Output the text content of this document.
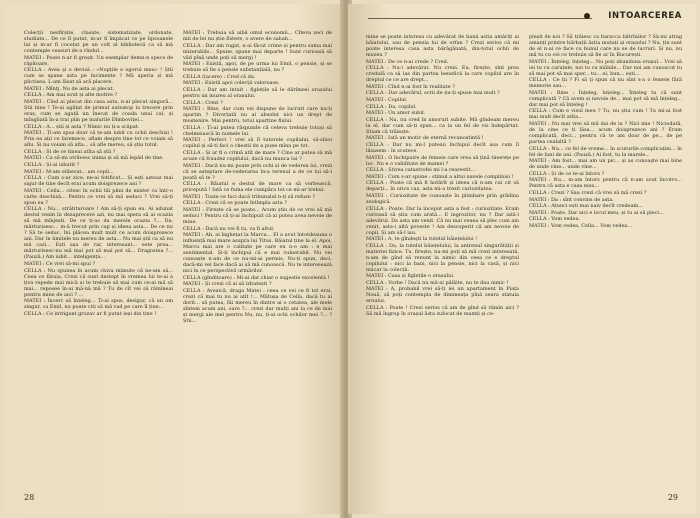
Colecții nesfîrșite, clasate, sistematizate, ordonate, studiate... De ce îl putut, m-ar fi împăcat ce pe lipsoanele lui și m-ar fi cocoțat pe un colț al bibliotecii ca să mă contemple ceasuri de-a rîndul...

MATEI : Poate n-ar fi greșit. Un exemplar demn-n spece de râpitoare.

CELLA : Avea și o devisă : «Nopțile e ogorul meu» ! Știi cum se spune asta pe facimente ? Mă aperia și mă plictisea. L-am lăsat să ară placere.

MATEI : Mîntj. Nu de asta ai plecat.

CELLA : Am mai avut și alte motive ?

MATEI : Cînd ai plecat din casa asta, n-ai plecat singură... Știi bine ! Te-ai agățat de primul autostop la trecere prin oraș, cum se agață un înecat de coada unui cal, și mîngîiată în-a trai plin pe malurile Dîmboviței...

CELLA : A... știi și asta ? Nimic nu ți-a scăpat.

MATEI : Ți-am spus doar că te-am iubit cu ochii deschiși ! Prin ea ații ce faremece, aflam despre tine tot ce voiam să aflu. Și nu voiam să afla... să afle mereu, să știu totul.

CELLA : Și de ce tineai atîta să știi ?

MATEI : Ca să-mi otrăvesc inima și să mă lepăd de tine.

CELLA : Și-ai izbutit ?

MATEI : M-am eliberat... am copil...

CELLA : Cum s-ar zice, ne-ai fotificat... Și ești așteaz mai sigur de tine decît erai acum doisprezece ani ?

MATEI : Cella... citesc în ochii tăi plini de mister ca într-o carte deschisă... Pentru ce vrei să mă seduci ? Vrei să-ți spun eu ?

CELLA : Nu... strătituroare ! Am să-ți spun eu. Ai adunat destul venin în dezaprecere azi, nu mai spera să ai ocazia să mă mînjești. De ce ți-as da merele ocazia ?... Da, mărturisesc... m-ă trecut prin cap și ideea asta... De ce nu ? Să te seduc. Ini plăcea mult mult ce acum doisprezece ani. Dar în limitele nu mereu de asta... Nu mai știi ca să nu mă cazi... Ești așa de rar, interesant... este prea... mărturisesc-nu mă mai pot să mai pot să... Dragostea ?... (Pauză.) Am iubit... inteligența...

MATEI : Ce vrei să-mi spui ?

CELLA : Nu spunea în acum chiva mimute că ne-am să... Ceea ce fătuia, Crezi că sunt destept în vremea lui te-ai a țiva repede mai mică și te trebuie să mai cum ce-ai mă să mai... reposee în-ai mă-nă mă ? Tu de cît vei să rămîneai pentru mine de aici ? ...

MATEI : Încerc să înțeleg... Ți-ai spus, desigur, că un om singur, ca Emil, nu poate citi să mă vad pe care îl ține...

CELLA : Ce intrigant grozav ar fi putut ieși din tine !

MATEI : Trebuia să aibă omul economii... Cîteva zeci de mii de lei nu știe fîstere, o avere de sabah...

CELLA : Dar am rugat, n-ai făcut crime și pentru suma mai mizerabile... Spune, spune mai departe ! Sunt curioasă să văd pînă unde poți să mergi !

MATEI : Există, apoi, de pe urma lui Emil, o pensie, și se trebuie să fie o pensie substanțială, nu ?

CELLA (tacere) : Cred că da.

MATEI : Există apoi colecții valoroase.

CELLA : Dar am intuit : figlețile să le dărîmesi orașului pentru un muzeu al orașului.

CELLA : Crezi ?

MATEI : Bine, dar cum vei dispune de lucruri care nu-ți aparțin ? Divorțată nu ai absolut nici un drept de moștenire. Mai pentru, totul aparține fiului.

CELLA : Ți-ai putea răspunde că celeva trebuie totuși să chelmeiască în numele lui.

MATEI : Perfect ! vrei să îl tutorele copilului, să-sbioi copilul și să-ti faci o chestii de a pune mîna pe tot.

CELLA : Și ar fi o crimă atît de mare ? Cine ar putea să mă acuze că fraudez copilului, dacă nu munca lui ?

MATEI : Dacă nu-mi poate prin ochi și de vederea lui, crezi că se așteptare de-vederarea în-a terenul a de ce lui să-i poată să te ?

CELLA : Băiatul e destul de mare ca să vorbească, pricepută ! Iată ce fuma ele cumpăra tot ce mi-ar trebui.

MATEI : Toate ce faci dacă tribunalul n-ți să refuze ?

CELLA : Crezi că se poate întîmpla asta ?

MATEI : Firește că se poate... Acum știu de ce vrei să mă seduci ! Pentru că ți-ai închipuit că ai putea avea nevoie de mine.

CELLA : Dacă nu vei fi tu, va fi altul.

MATEI : Ah, ai înghețat la Marcu... El a avut întotdeauna o influență mai mare asupra lui Titus. Băiatul ține la el. Apoi, Marcu mai are o calitate pe care eu n-o am : e mai sentimental. Și-ți închipui că e mai vulnerabil. Nu vei cunoaște n-am de ce nu-mi-ai permis. Nu-ți spun, deci, dacă-mi vei face dacă ai să mă cunoască. Nu te interesează nici în ce perspectivă urmărilor.

CELLA (gînditoare) : Mi-ai dat chiar o sugestie excelentă !

MATEI : Și crezi că ai să izbutești ?

CELLA : Aveaică, draga Matei : ceea ce vei ce fi tot erai, crezi că mai tu nu ai atît !... Mătușa de Cella, dacă tu ai dorit... să putea, făi mereu în dintre ai o cetatea, ale mele sîntem acum ani, oare ?... crezi dar mulți ani la ce de mai și mergi ale mei pentru Nu, nu, ți-ai ochi ochilor mei ?... ? Știi...

28
INTOARCEREA

mine se poate intoresa cu adevărat de banii astia amăriți ai băiatului, sau de pensia lui de orfan ? Crezi serios că mi poate interesa casa asta bărăgănată, din-totul ochii de muzeu ?

MATEI : De ce n-ai crede ? Cred.

CELLA : Nu-i adevărat. Nu crezi. Eu, firește, sînt prea credulă ca să las din partea beneficii la care copilul are în dreptul ce ce are drept...

MATEI : Cînd n-ai fost în realitate ?

CELLA : Dar adevărul, scrii de nu-ți spuse mai mult ?

MATEI : Copilul.

CELLA : Da, copilul.

MATEI : Un amor subit.

CELLA : Nu, nu cred în amoruri subite. Mă gîndeam mereu la el, dar cum să-ți spun... ca la un fel de vis îndepărtat. Știam că trăiește.

MATEI : Iată un motiv de eternă recunoștință !

CELLA : Dar nu mi-l puteau închipui decît asa cum îl lăsasem : în scutece.

MATEI : O închipuire de femeie care vrea să țină tinerețe pe loc. Nu e o validitate de mamei ?

CELLA : Știrea catastrofei mi l-a rearestit...

MATEI : Cum s-ar spune : stimul a altui navele complinisi !

CELLA : Poate că mă fi hotărît și ideea că n-am cui cit să deparți... în orice caz, asta mi-a trezit curiozitatea.

MATEI : Curiozitate de cunoaște în plimbare prin grădina zoologică.

CELLA : Poate. Dar la început asta a fost : curiozitate. Eram curioasă să știu cum arată... E ingrozitor, nu ? Dar iată-i adevărul. Da asta am venit. Că nu mai venea să plec cum am venit, asta-i altă poveste ! Am descoperit că am nevoie de copil, Și am să-l iau.

MATEI : A, te gîndești la tutelul băiețelului !

CELLA : Da, la tutelul băiețelului, la antrenul singurătății și materiei fizice. Tu, firește, nu-mi poți să mă crezi interesată, n-am de gînd să renunț la nimic din ceea ce e dreptul copilului : nici la bani, nici la pensie, nici la casă, și nici măcar la colecții.

MATEI : Casa și figlețile o orașului.

CELLA : Vorbe ! Dacă nu mă-ai pâlăite, nu te dau nimic !

MATEI : A, probabil vrei să-ți iei un apartament în Piața Nouă, să poți contempla de dimineața pînă seara statuia eroului.

CELLA : Poate ! Crezi serios că am de gînd să rămîn aici ? Să mă îngrop în orașul ăsta sufocat de mamți și ce-

pleșit de noi ? Să trăiesc ca baracca bătrînilor ? Să-mi atrag amanți printre bărbații ăștia mutați ai orașului ? Nu, țin sunt de el n-ai ce face cu bunul care nu se de lucruri. Și nu, nu mă tu cu cei ce trebuie să fie ar în București.

MATEI : Înțeleg, înțeleg... Nu poți abandona orașul... Vrei să iei tu cu caruțele, noi tu cu mîinile... Dar noi am cunoscut tu să mai pot să mai sper... tu... ei, bun... ești...

CELLA : Ce ții ? Fi să ți spun că nu sînt s-a o femeie fără memorie sau...

MATEI : Bine : Înțeleg, înțeleg... Înțeleg tu că sunt complicată ? Că avem și nevoie de... mai pot să mă înțeleg... dar mai pot să înțeleg !

CELLA : Cum e visul meu ? Tu, nu știu cum ! Tu mi-ai fost mai mult decît atîta...

MATEI : Nu mai vrei să mă dai de la ? Nici mie ! Niciodată, de la cine ce ți lăsa... acum doisprezece ani ? Eram complicată, deci... pentru că te am doar de pe... de pe partea cealaltă ?

CELLA : Nu... ce fel de vreme... în scuturile complicației... în fel de luni de ani. (Pauză.) Ai fost, tu la marele...

MATEI : Am fost... mai am un pic... și aș cunoaște mai bine de unde vine... unde vine...

CELLA : Și de ce te-ai întors ?

MATEI : Nu... m-am întors pentru că n-am avut încotro... Pentru că asta e casa mea...

CELLA : Crezi ? Sau crezi că vrei să mă crezi ?

MATEI : Da : sînt convins de asta.

CELLA : Atunci ești mai naiv decît credeam...

MATEI : Poate. Dar aici e locul meu, și tu ai să pleci...

CELLA : Vom vedea.

MATEI : Vom vedea, Cella... Vom vedea...

29
